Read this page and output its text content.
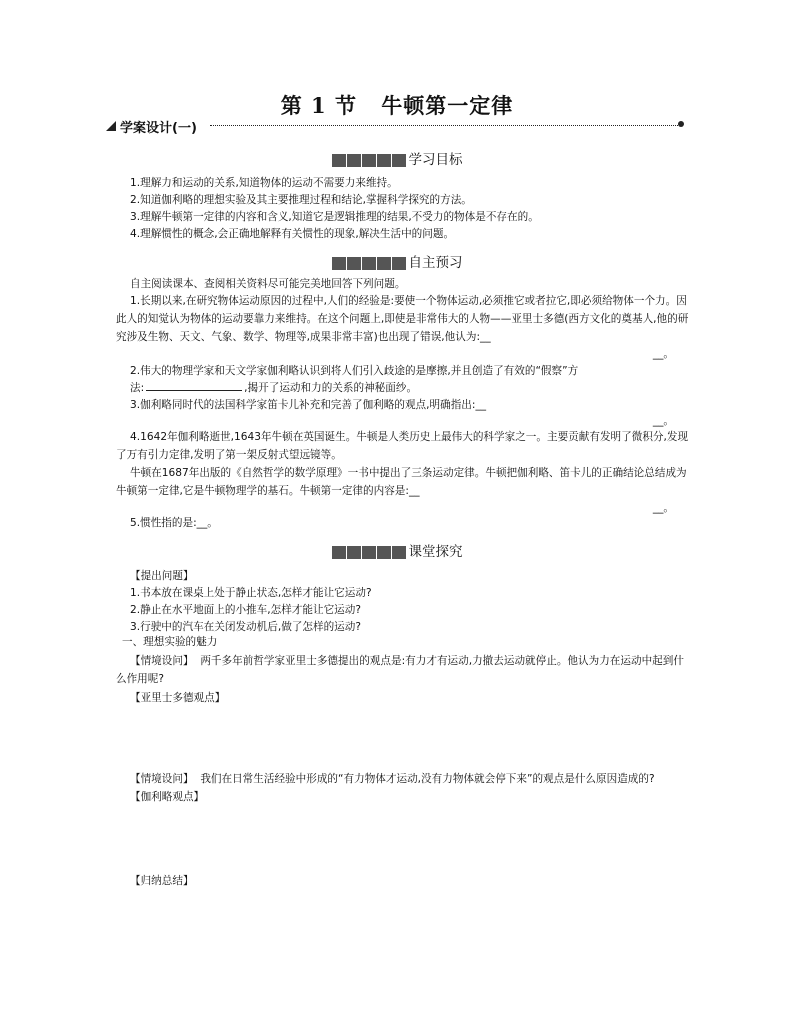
第 1 节 牛顿第一定律
学案设计(一)
学习目标
1.理解力和运动的关系,知道物体的运动不需要力来维持。
2.知道伽利略的理想实验及其主要推理过程和结论,掌握科学探究的方法。
3.理解牛顿第一定律的内容和含义,知道它是逻辑推理的结果,不受力的物体是不存在的。
4.理解惯性的概念,会正确地解释有关惯性的现象,解决生活中的问题。
自主预习
自主阅读课本、查阅相关资料尽可能完美地回答下列问题。
1.长期以来,在研究物体运动原因的过程中,人们的经验是:要使一个物体运动,必须推它或者拉它,即必须给物体一个力。因此人的知觉认为物体的运动要靠力来维持。在这个问题上,即使是非常伟大的人物——亚里士多德(西方文化的奠基人,他的研究涉及生物、天文、气象、数学、物理等,成果非常丰富)也出现了错误,他认为:__
__。
2.伟大的物理学家和天文学家伽利略认识到将人们引入歧途的是摩擦,并且创造了有效的“假察”方
法:	,揭开了运动和力的关系的神秘面纱。
3.伽利略同时代的法国科学家笛卡儿补充和完善了伽利略的观点,明确指出:__
__。
4.1642年伽利略逝世,1643年牛顿在英国诞生。牛顿是人类历史上最伟大的科学家之一。主要贡献有发明了微积分,发现了万有引力定律,发明了第一架反射式望远镜等。
牛顿在1687年出版的《自然哲学的数学原理》一书中提出了三条运动定律。牛顿把伽利略、笛卡儿的正确结论总结成为牛顿第一定律,它是牛顿物理学的基石。牛顿第一定律的内容是:__
__。
5.惯性指的是:__。
课堂探究
【提出问题】
1.书本放在课桌上处于静止状态,怎样才能让它运动?
2.静止在水平地面上的小推车,怎样才能让它运动?
3.行驶中的汽车在关闭发动机后,做了怎样的运动?
一、理想实验的魅力
【情境设问】 两千多年前哲学家亚里士多德提出的观点是:有力才有运动,力撤去运动就停止。他认为力在运动中起到什么作用呢?
【亚里士多德观点】
【情境设问】 我们在日常生活经验中形成的“有力物体才运动,没有力物体就会停下来”的观点是什么原因造成的?
【伽利略观点】
【归纳总结】
